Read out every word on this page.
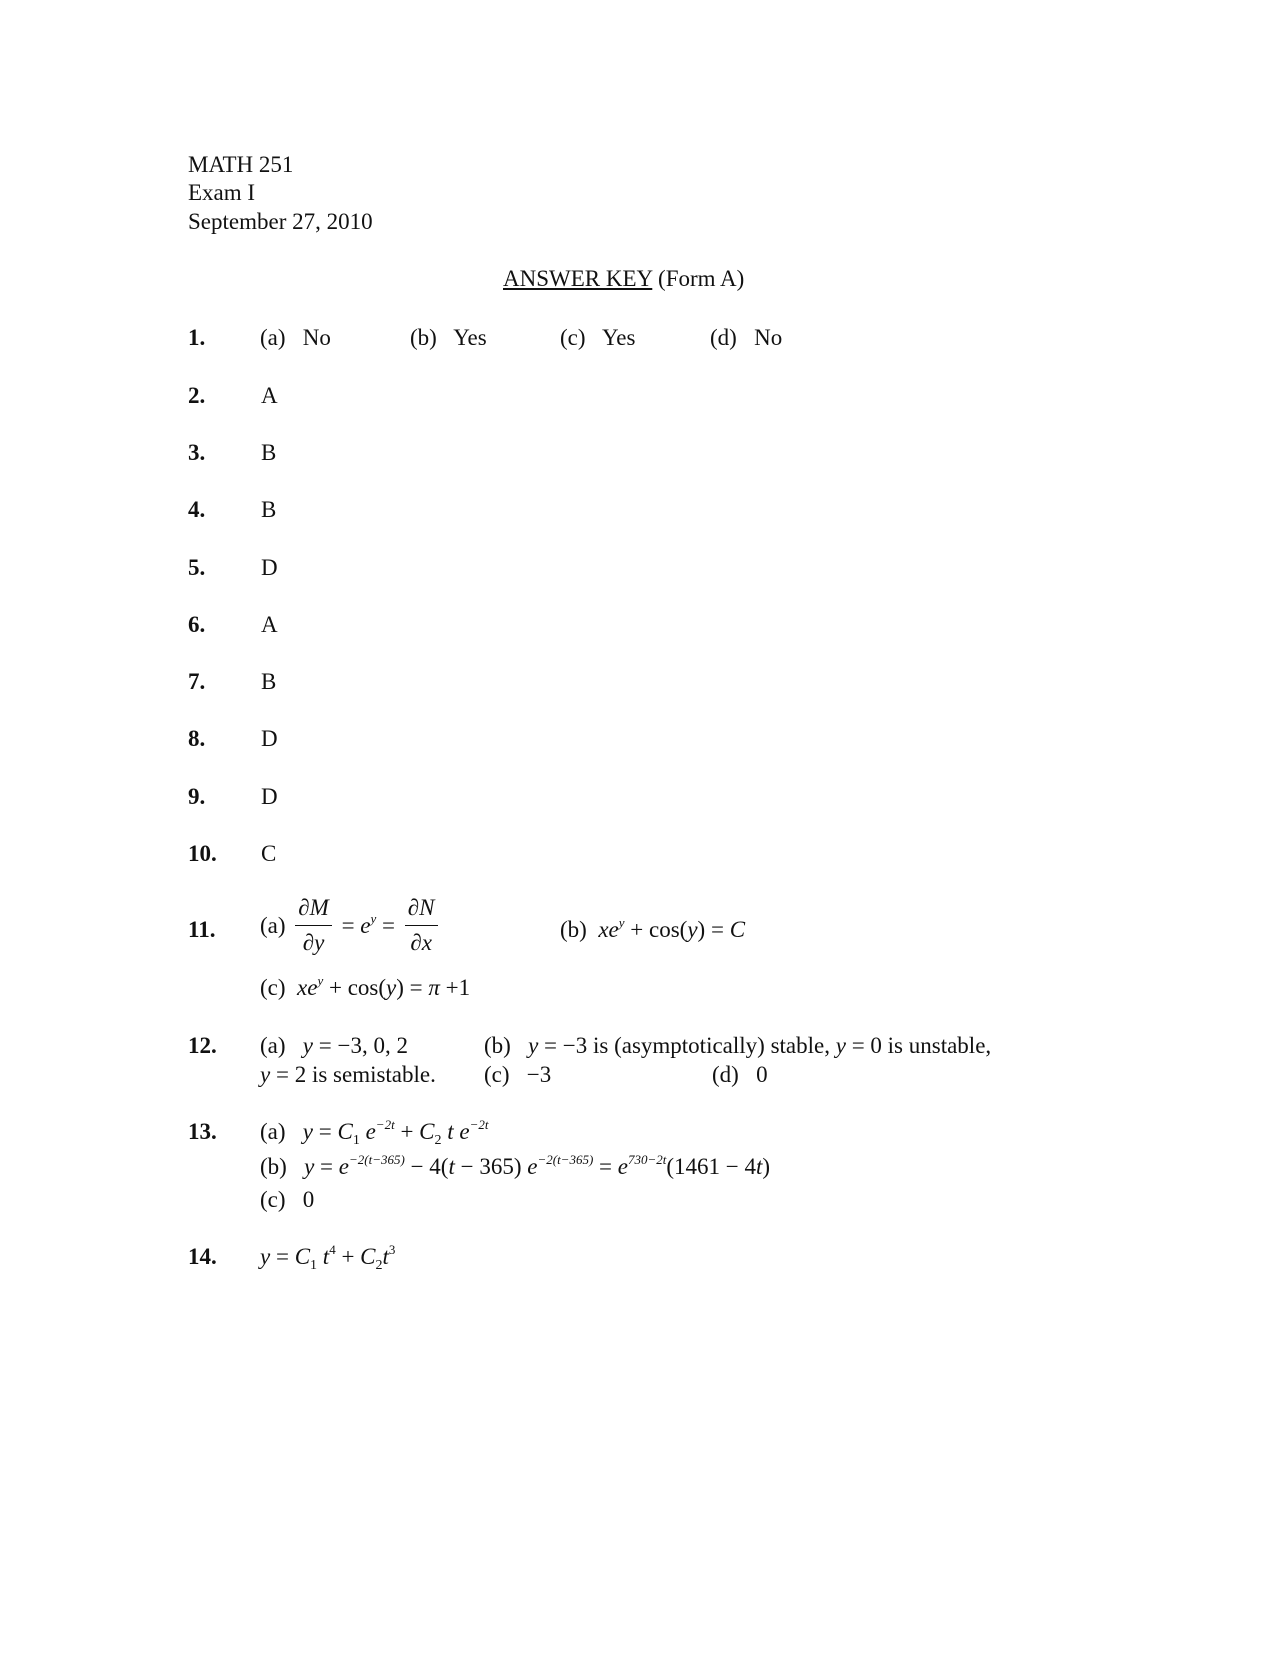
MATH 251
Exam I
September 27, 2010
ANSWER KEY (Form A)
1. (a) No	(b) Yes	(c) Yes	(d) No
2. A
3. B
4. B
5. D
6. A
7. B
8. D
9. D
10. C
11. $(a) \frac{\partial M}{\partial y} = e^y = \frac{\partial N}{\partial x}$	(b) $xe^y + \cos(y) = C$
(c) $xe^y + \cos(y) = \pi +1$
12. (a) y = −3, 0, 2	(b) y = −3 is (asymptotically) stable, y = 0 is unstable,
y = 2 is semistable. (c) −3	(d) 0
13. (a) $y = C_1$ $e^{-2t} + C_2$ t $e^{-2t}$
(b) $y = e^{-2(t-365)} - 4(t - 365) e^{-2(t-365)} = e^{730-2t}(1461 - 4t)$
(c) 0
14. $y = C_1$ $t^4 + C_2t^3$
